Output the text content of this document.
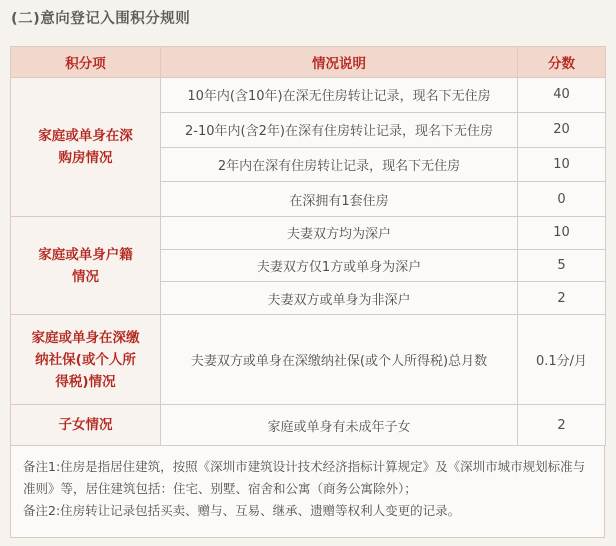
(二)意向登记入围积分规则
积分项	情况说明	分数
家庭或单身在深购房情况	10年内(含10年)在深无住房转让记录，现名下无住房	40
	2-10年内(含2年)在深有住房转让记录，现名下无住房	20
	2年内在深有住房转让记录，现名下无住房	10
	在深拥有1套住房	0
家庭或单身户籍情况	夫妻双方均为深户	10
	夫妻双方仅1方或单身为深户	5
	夫妻双方或单身为非深户	2
家庭或单身在深缴纳社保(或个人所得税)情况	夫妻双方或单身在深缴纳社保(或个人所得税)总月数	0.1分/月
子女情况	家庭或单身有未成年子女	2

备注1:住房是指居住建筑，按照《深圳市建筑设计技术经济指标计算规定》及《深圳市城市规划标准与准则》等，居住建筑包括：住宅、别墅、宿舍和公寓（商务公寓除外）；

备注2:住房转让记录包括买卖、赠与、互易、继承、遗赠等权利人变更的记录。
